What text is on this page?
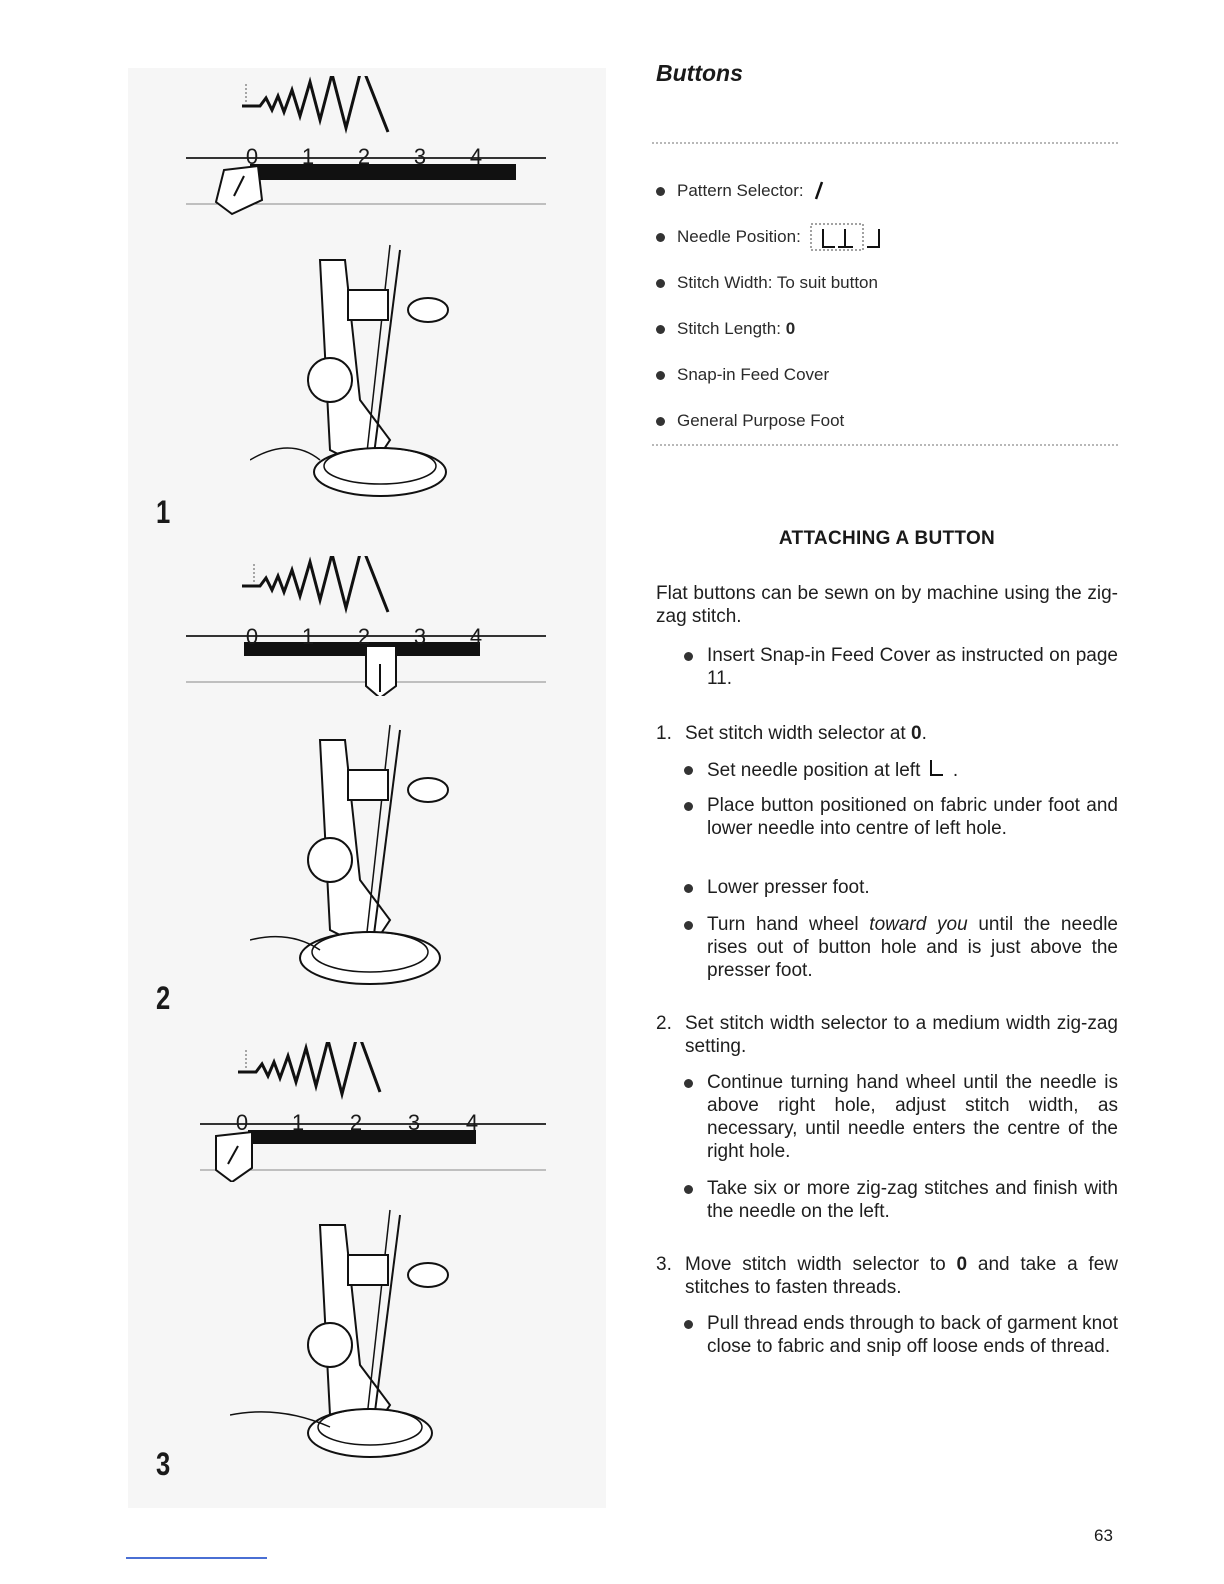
0 1 2 3 4
1
0 1 2 3 4
2
0 1 2 3 4
3
Buttons
Pattern Selector:
Needle Position:
Stitch Width: To suit button
Stitch Length:
0
Snap-in Feed Cover
General Purpose Foot
ATTACHING A BUTTON
Flat buttons can be sewn on by machine using the zig-zag stitch.
Insert Snap-in Feed Cover as instructed on page 11.
1. Set stitch width selector at 0.
Set needle position at left  .
Place button positioned on fabric under foot and lower needle into centre of left hole.
Lower presser foot.
Turn hand wheel toward you until the needle rises out of button hole and is just above the presser foot.
2. Set stitch width selector to a medium width zig-zag setting.
Continue turning hand wheel until the needle is above right hole, adjust stitch width, as necessary, until needle enters the centre of the right hole.
Take six or more zig-zag stitches and finish with the needle on the left.
3. Move stitch width selector to 0 and take a few stitches to fasten threads.
Pull thread ends through to back of garment knot close to fabric and snip off loose ends of thread.
63
